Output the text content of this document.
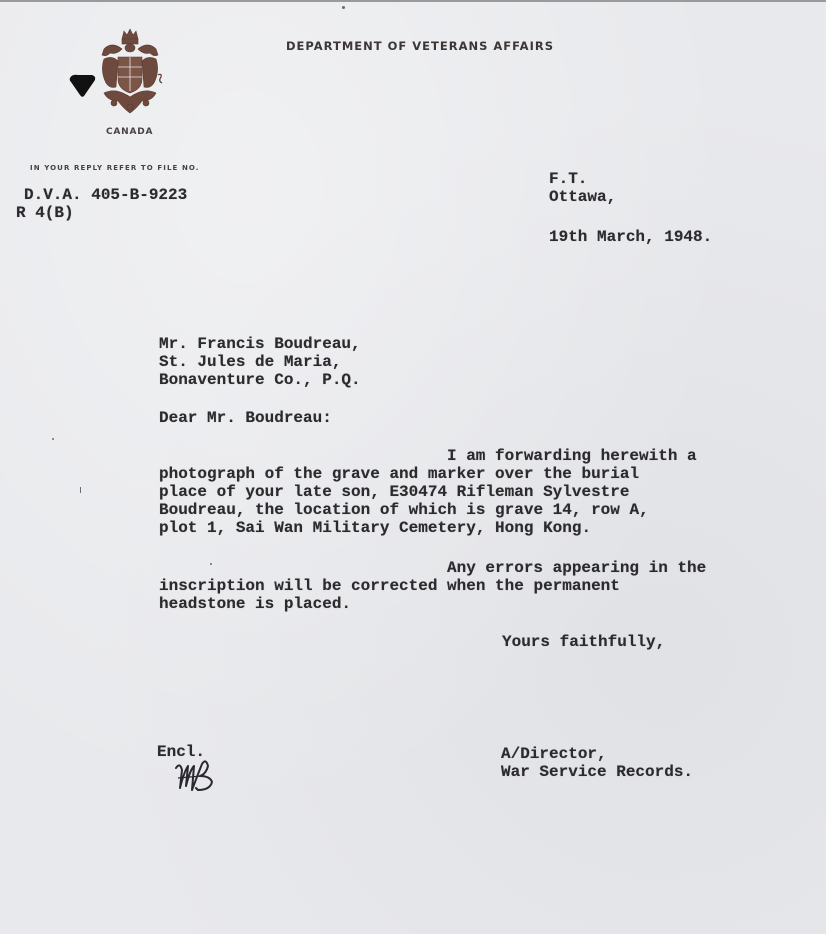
DEPARTMENT OF VETERANS AFFAIRS
CANADA
IN YOUR REPLY REFER TO FILE NO.
D.V.A. 405-B-9223
R 4(B)
F.T.
Ottawa,
19th March, 1948.
Mr. Francis Boudreau,
St. Jules de Maria,
Bonaventure Co., P.Q.
Dear Mr. Boudreau:
I am forwarding herewith a
photograph of the grave and marker over the burial
place of your late son, E30474 Rifleman Sylvestre
Boudreau, the location of which is grave 14, row A,
plot 1, Sai Wan Military Cemetery, Hong Kong.
Any errors appearing in the
inscription will be corrected when the permanent
headstone is placed.
Yours faithfully,
Encl.	A/Director,
War Service Records.
